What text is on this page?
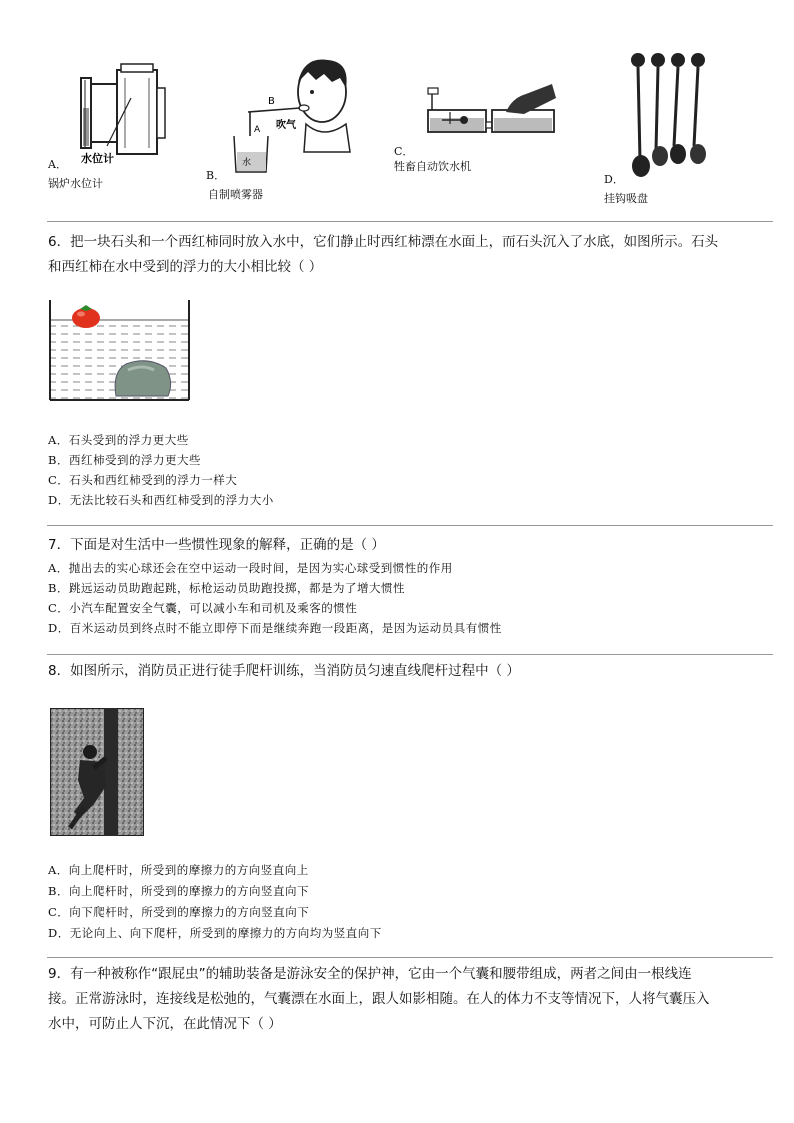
水位计
A．
锅炉水位计
B
A 吹气
水
B．
自制喷雾器
C．
牲畜自动饮水机
D．
挂钩吸盘
6．把一块石头和一个西红柿同时放入水中，它们静止时西红柿漂在水面上，而石头沉入了水底，如图所示。石头
和西红柿在水中受到的浮力的大小相比较（ ）
A．石头受到的浮力更大些
B．西红柿受到的浮力更大些
C．石头和西红柿受到的浮力一样大
D．无法比较石头和西红柿受到的浮力大小
7．下面是对生活中一些惯性现象的解释，正确的是（ ）
A．抛出去的实心球还会在空中运动一段时间，是因为实心球受到惯性的作用
B．跳远运动员助跑起跳，标枪运动员助跑投掷，都是为了增大惯性
C．小汽车配置安全气囊，可以减小车和司机及乘客的惯性
D．百米运动员到终点时不能立即停下而是继续奔跑一段距离，是因为运动员具有惯性
8．如图所示，消防员正进行徒手爬杆训练，当消防员匀速直线爬杆过程中（ ）
A．向上爬杆时，所受到的摩擦力的方向竖直向上
B．向上爬杆时，所受到的摩擦力的方向竖直向下
C．向下爬杆时，所受到的摩擦力的方向竖直向下
D．无论向上、向下爬杆，所受到的摩擦力的方向均为竖直向下
9．有一种被称作“跟屁虫”的辅助装备是游泳安全的保护神，它由一个气囊和腰带组成，两者之间由一根线连
接。正常游泳时，连接线是松弛的，气囊漂在水面上，跟人如影相随。在人的体力不支等情况下，人将气囊压入
水中，可防止人下沉，在此情况下（ ）
